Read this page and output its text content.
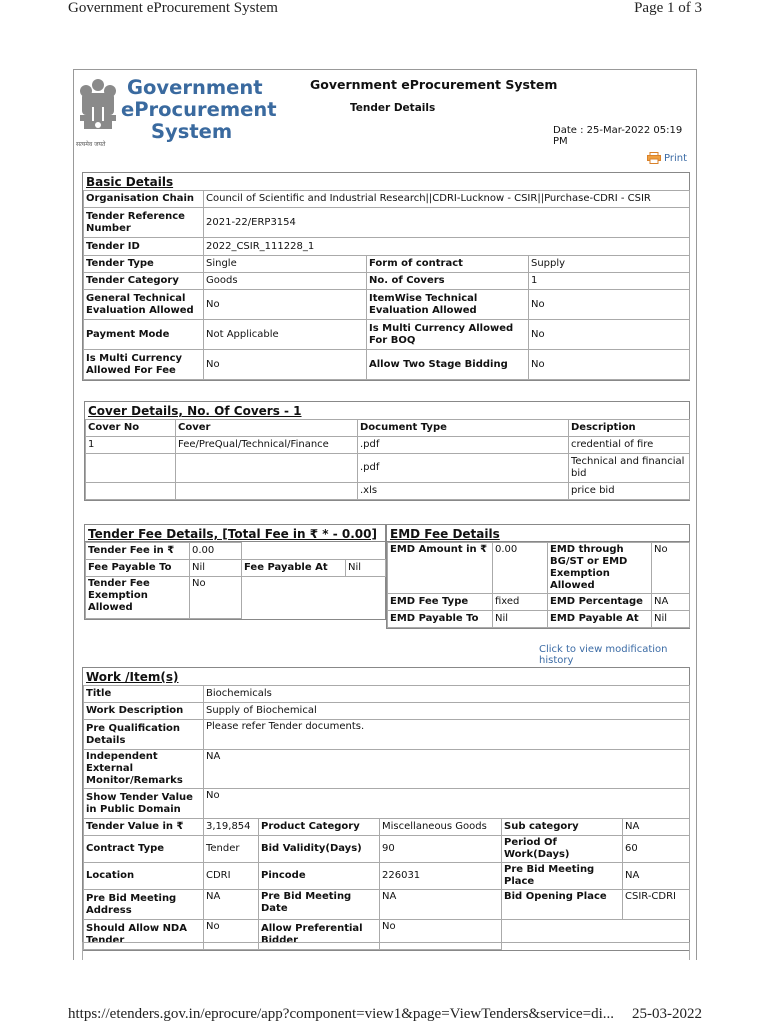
Government eProcurement System	Page 1 of 3
सत्यमेव जयते
Government
eProcurement
System
Government eProcurement System
Tender Details
Date : 25-Mar-2022 05:19 PM
Print
Basic Details
Organisation Chain	Council of Scientific and Industrial Research||CDRI-Lucknow - CSIR||Purchase-CDRI - CSIR		
Tender Reference Number	2021-22/ERP3154		
Tender ID	2022_CSIR_111228_1		
Tender Type	Single	Form of contract	Supply
Tender Category	Goods	No. of Covers	1
General Technical Evaluation Allowed	No	ItemWise Technical Evaluation Allowed	No
Payment Mode	Not Applicable	Is Multi Currency Allowed For BOQ	No
Is Multi Currency Allowed For Fee	No	Allow Two Stage Bidding	No
Cover Details, No. Of Covers - 1
Cover No	Cover	Document Type	Description
1	Fee/PreQual/Technical/Finance	.pdf	credential of fire
		.pdf	Technical and financial bid
		.xls	price bid
Tender Fee Details, [Total Fee in ₹ * - 0.00]
Tender Fee in ₹	0.00		
Fee Payable To	Nil	Fee Payable At	Nil
Tender Fee Exemption Allowed	No		
EMD Fee Details
EMD Amount in ₹	0.00	EMD through BG/ST or EMD Exemption Allowed	No
EMD Fee Type	fixed	EMD Percentage	NA
EMD Payable To	Nil	EMD Payable At	Nil
Click to view modification history
Work /Item(s)
Title	Biochemicals				
Work Description	Supply of Biochemical				
Pre Qualification Details	Please refer Tender documents.				
Independent External Monitor/Remarks	NA				
Show Tender Value in Public Domain	No				
Tender Value in ₹	3,19,854	Product Category	Miscellaneous Goods	Sub category	NA
Contract Type	Tender	Bid Validity(Days)	90	Period Of Work(Days)	60
Location	CDRI	Pincode	226031	Pre Bid Meeting Place	NA
Pre Bid Meeting Address	NA	Pre Bid Meeting Date	NA	Bid Opening Place	CSIR-CDRI
Should Allow NDA Tender	No	Allow Preferential Bidder	No		
https://etenders.gov.in/eprocure/app?component=view1&page=ViewTenders&service=di... 25-03-2022
